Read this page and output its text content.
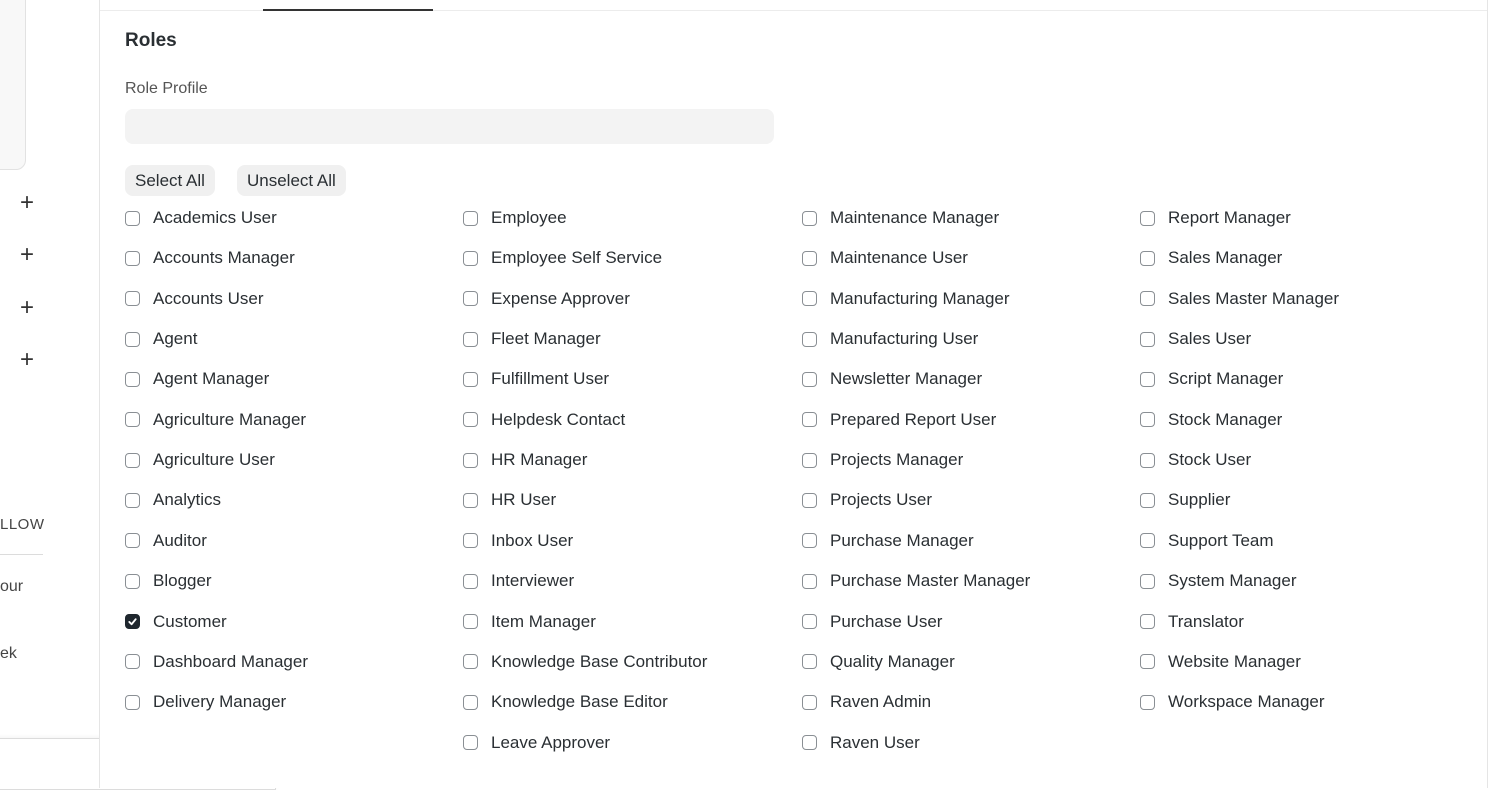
+
+
+
+
LLOW
our
ek
Roles
Role Profile
Select All	Unselect All
Academics User
Accounts Manager
Accounts User
Agent
Agent Manager
Agriculture Manager
Agriculture User
Analytics
Auditor
Blogger
Customer
Dashboard Manager
Delivery Manager
Employee
Employee Self Service
Expense Approver
Fleet Manager
Fulfillment User
Helpdesk Contact
HR Manager
HR User
Inbox User
Interviewer
Item Manager
Knowledge Base Contributor
Knowledge Base Editor
Leave Approver
Maintenance Manager
Maintenance User
Manufacturing Manager
Manufacturing User
Newsletter Manager
Prepared Report User
Projects Manager
Projects User
Purchase Manager
Purchase Master Manager
Purchase User
Quality Manager
Raven Admin
Raven User
Report Manager
Sales Manager
Sales Master Manager
Sales User
Script Manager
Stock Manager
Stock User
Supplier
Support Team
System Manager
Translator
Website Manager
Workspace Manager
